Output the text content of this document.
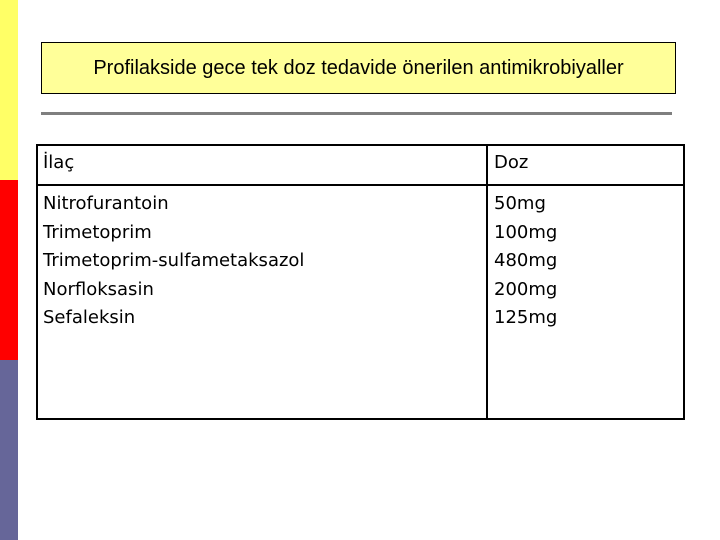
Profilakside gece tek doz tedavide önerilen antimikrobiyaller
İlaç	Doz
Nitrofurantoin
Trimetoprim
Trimetoprim-sulfametaksazol
Norfloksasin
Sefaleksin
50mg
100mg
480mg
200mg
125mg
